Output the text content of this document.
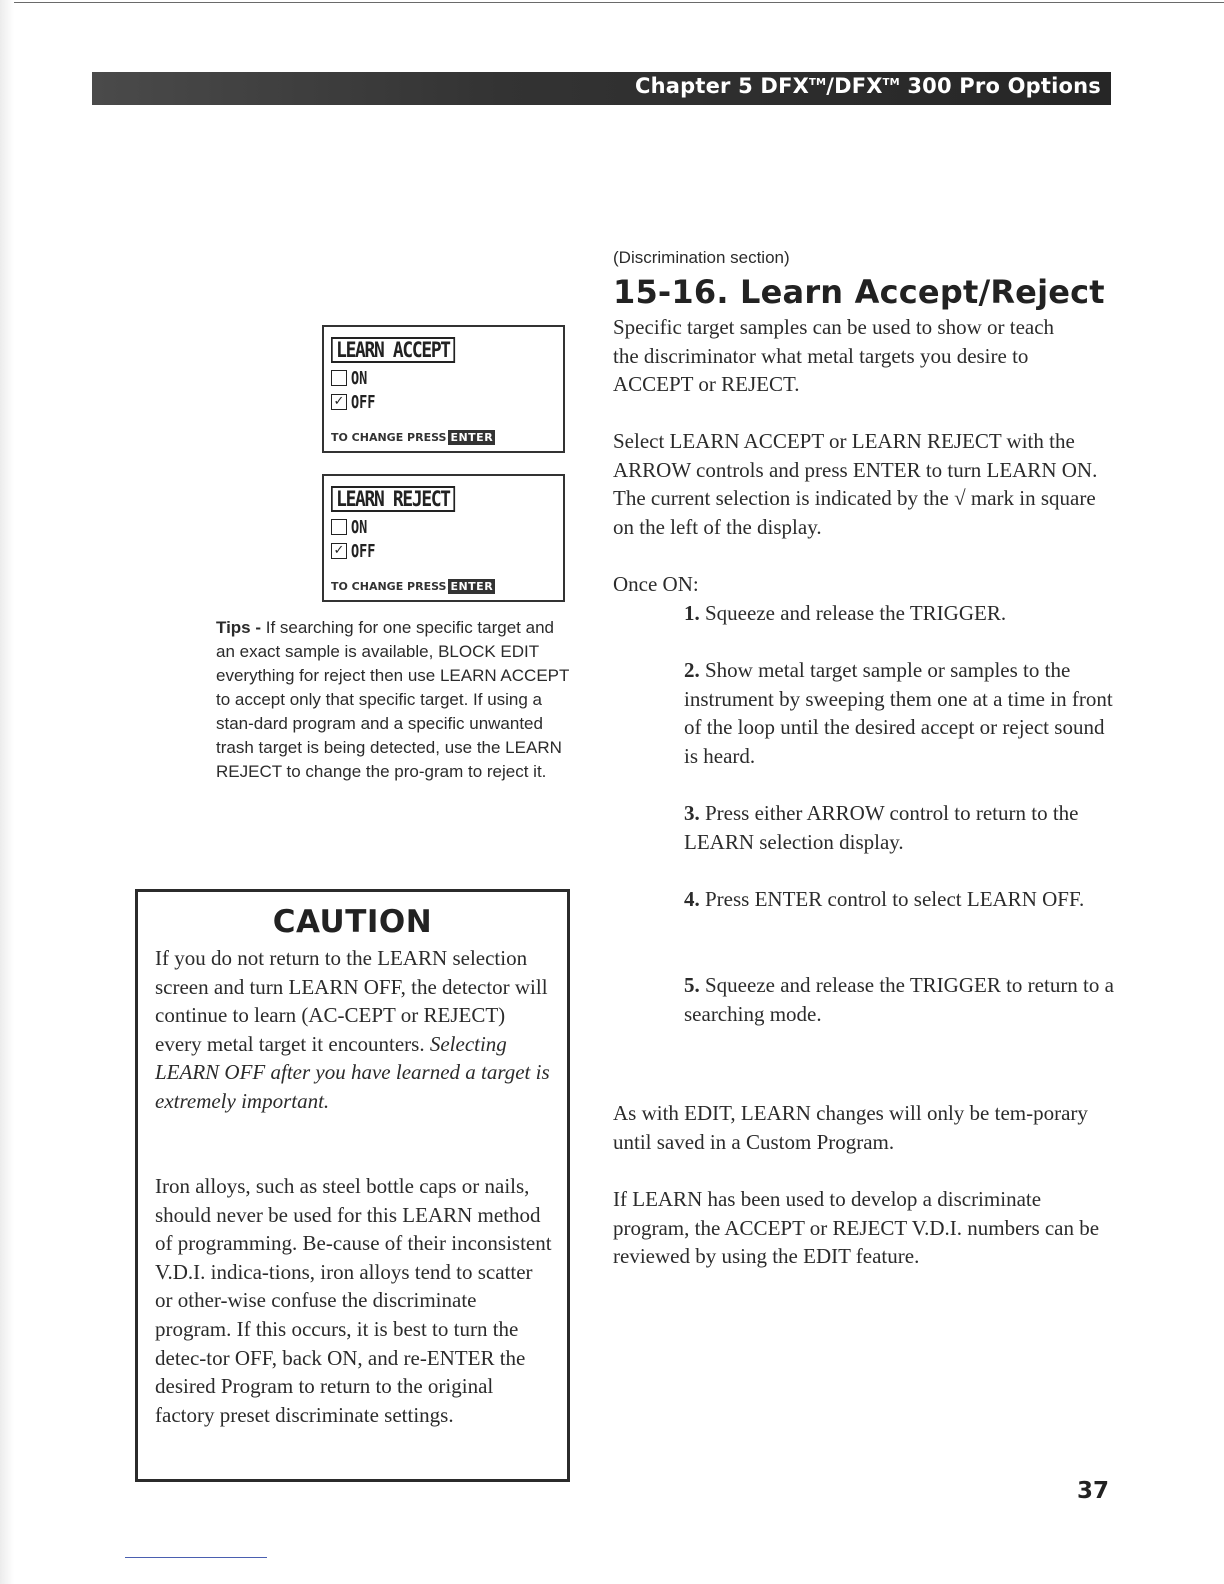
Chapter 5 DFX™/DFX™ 300 Pro Options
LEARN ACCEPT
ON
✓ OFF
TO CHANGE PRESS ENTER
LEARN REJECT
ON
✓ OFF
TO CHANGE PRESS ENTER
Tips - If searching for one specific target and an exact sample is available, BLOCK EDIT everything for reject then use LEARN ACCEPT to accept only that specific target. If using a stan-dard program and a specific unwanted trash target is being detected, use the LEARN REJECT to change the pro-gram to reject it.
CAUTION

If you do not return to the LEARN selection screen and turn LEARN OFF, the detector will continue to learn (AC-CEPT or REJECT) every metal target it encounters. Selecting LEARN OFF after you have learned a target is extremely important.

Iron alloys, such as steel bottle caps or nails, should never be used for this LEARN method of programming. Be-cause of their inconsistent V.D.I. indica-tions, iron alloys tend to scatter or other-wise confuse the discriminate program. If this occurs, it is best to turn the detec-tor OFF, back ON, and re-ENTER the desired Program to return to the original factory preset discriminate settings.

(Discrimination section)
15-16. Learn Accept/Reject

Specific target samples can be used to show or teach the discriminator what metal targets you desire to ACCEPT or REJECT.

Select LEARN ACCEPT or LEARN REJECT with the ARROW controls and press ENTER to turn LEARN ON. The current selection is indicated by the √ mark in square on the left of the display.

Once ON:

1. Squeeze and release the TRIGGER.

2. Show metal target sample or samples to the instrument by sweeping them one at a time in front of the loop until the desired accept or reject sound is heard.

3. Press either ARROW control to return to the LEARN selection display.

4. Press ENTER control to select LEARN OFF.

5. Squeeze and release the TRIGGER to return to a searching mode.

As with EDIT, LEARN changes will only be tem-porary until saved in a Custom Program.

If LEARN has been used to develop a discriminate program, the ACCEPT or REJECT V.D.I. numbers can be reviewed by using the EDIT feature.

37
